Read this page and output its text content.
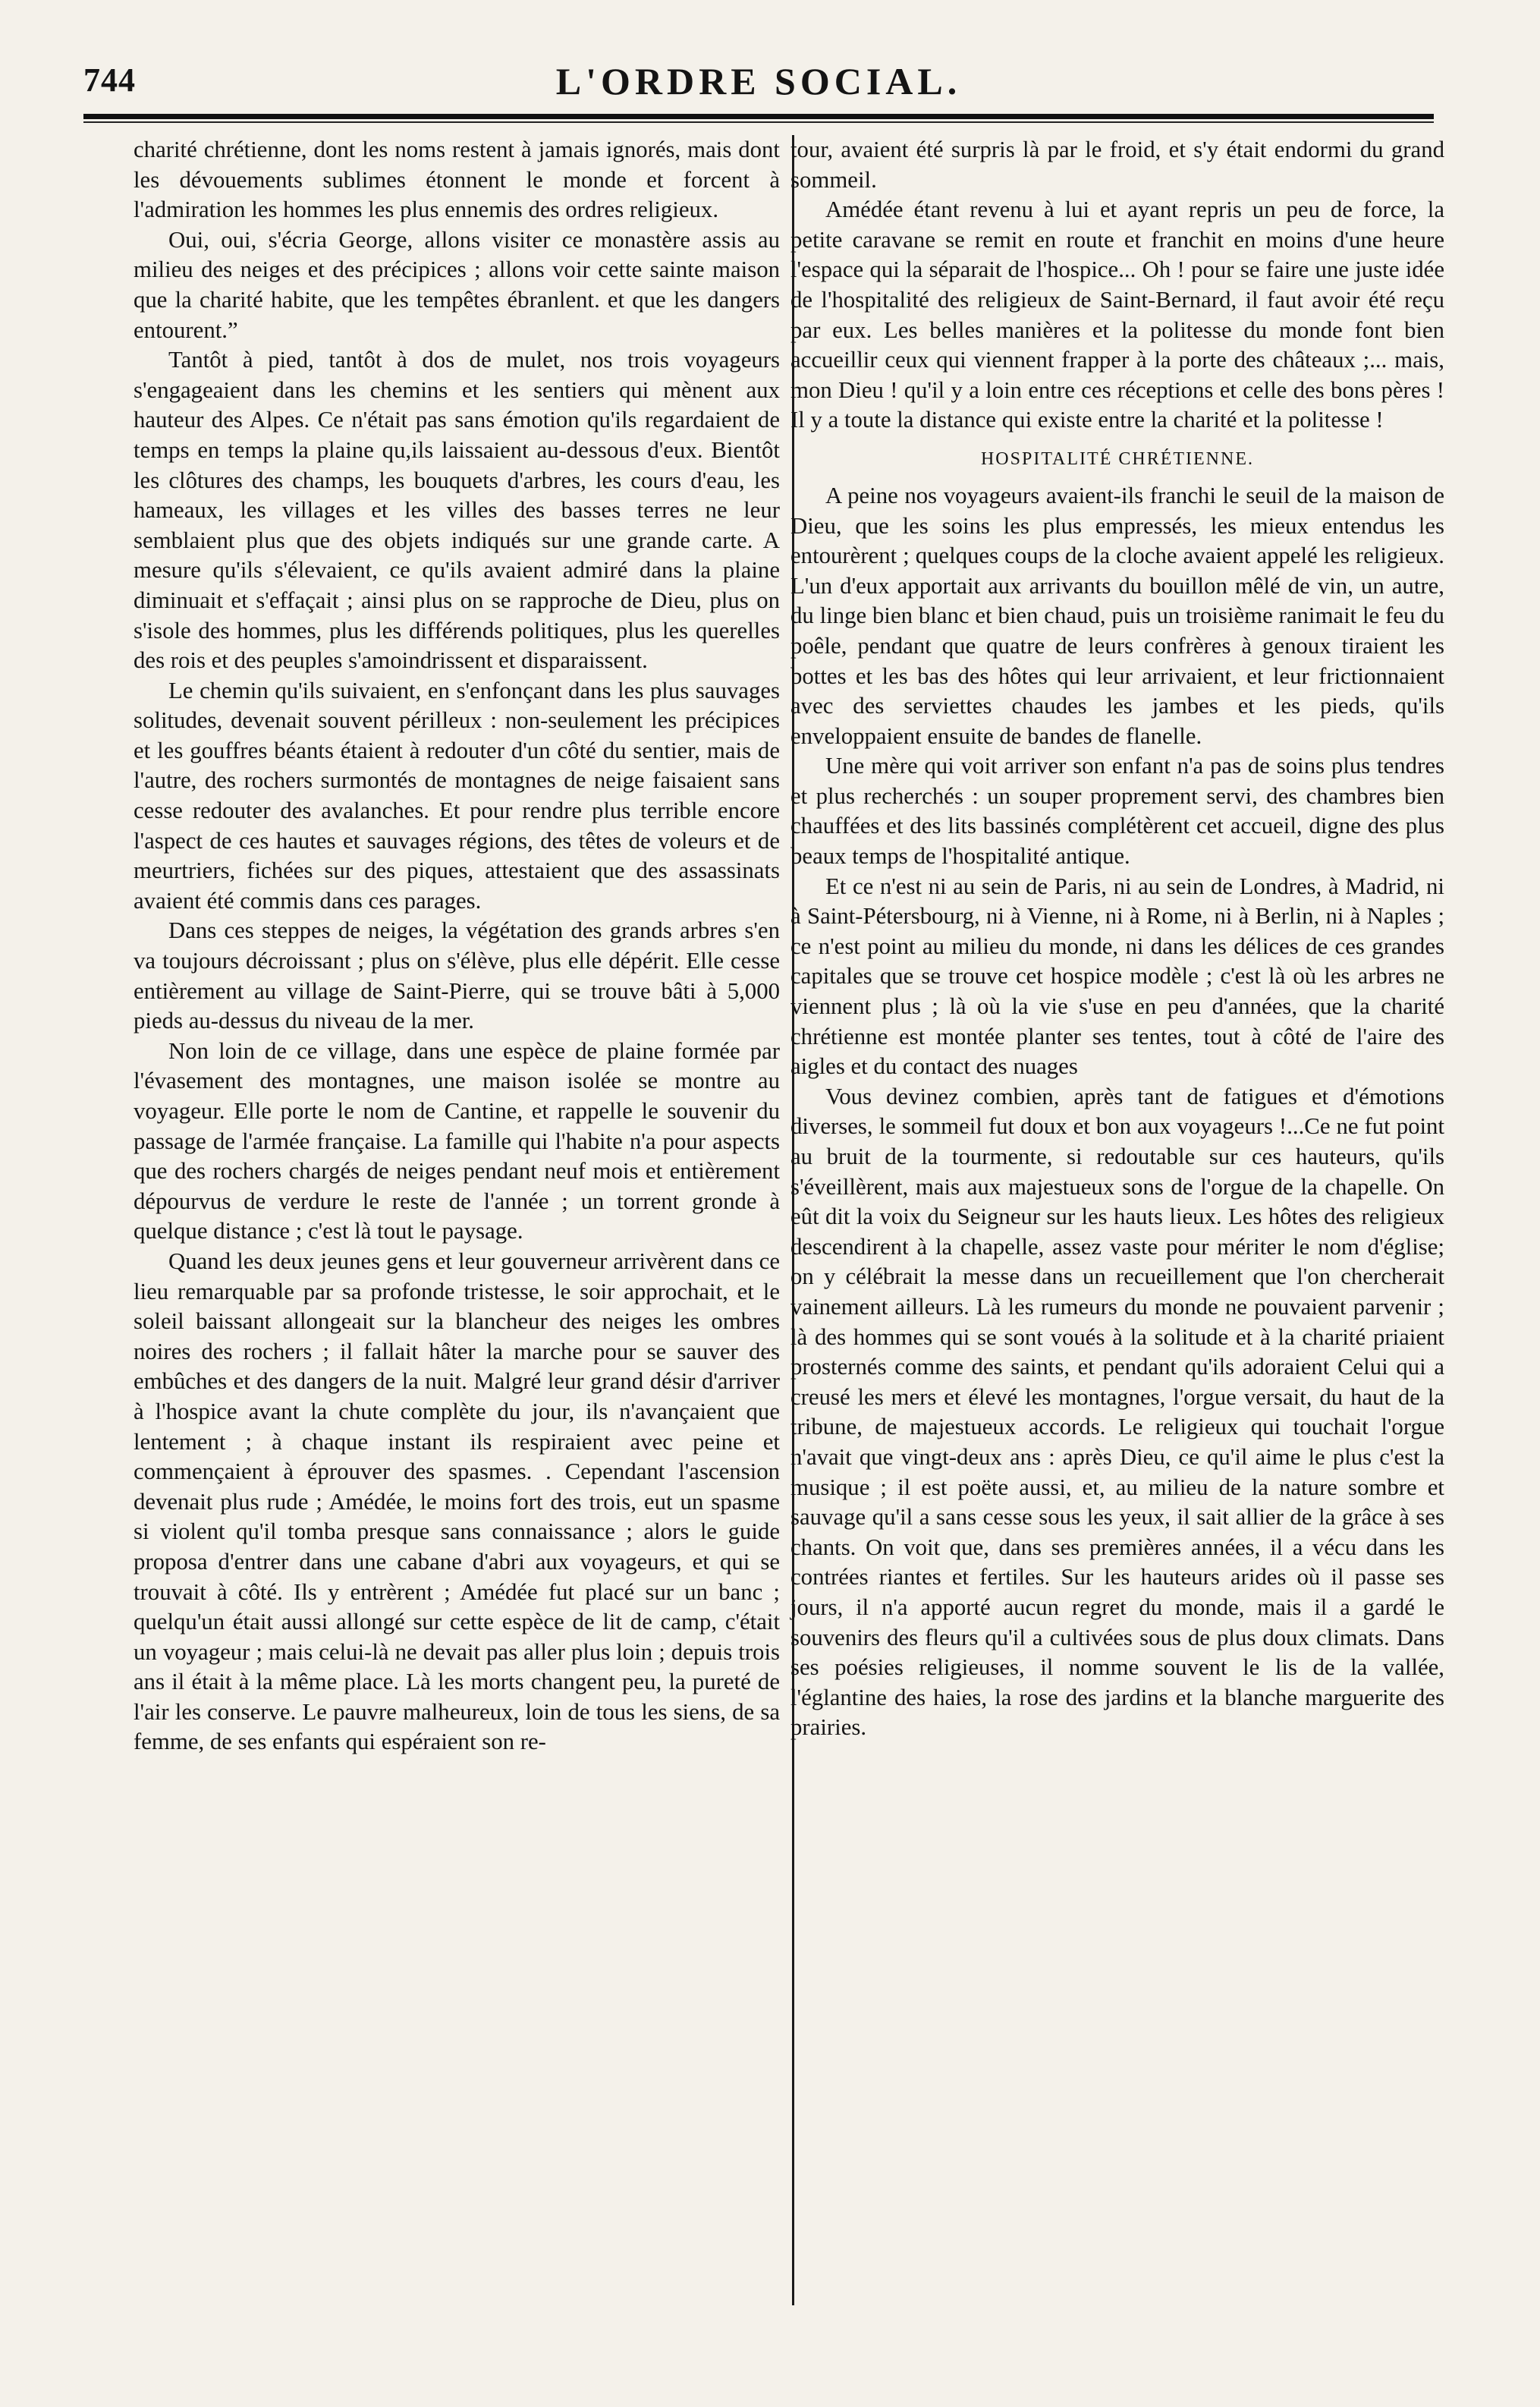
744	L'ORDRE SOCIAL.

charité chrétienne, dont les noms restent à jamais ignorés, mais dont les dévouements sublimes étonnent le monde et forcent à l'admiration les hommes les plus ennemis des ordres religieux.

Oui, oui, s'écria George, allons visiter ce monastère assis au milieu des neiges et des précipices ; allons voir cette sainte maison que la charité habite, que les tempêtes ébranlent. et que les dangers entourent.”

Tantôt à pied, tantôt à dos de mulet, nos trois voyageurs s'engageaient dans les chemins et les sentiers qui mènent aux hauteur des Alpes. Ce n'était pas sans émotion qu'ils regardaient de temps en temps la plaine qu,ils laissaient au-dessous d'eux. Bientôt les clôtures des champs, les bouquets d'arbres, les cours d'eau, les hameaux, les villages et les villes des basses terres ne leur semblaient plus que des objets indiqués sur une grande carte. A mesure qu'ils s'élevaient, ce qu'ils avaient admiré dans la plaine diminuait et s'effaçait ; ainsi plus on se rapproche de Dieu, plus on s'isole des hommes, plus les différends politiques, plus les querelles des rois et des peuples s'amoindrissent et disparaissent.

Le chemin qu'ils suivaient, en s'enfonçant dans les plus sauvages solitudes, devenait souvent périlleux : non-seulement les précipices et les gouffres béants étaient à redouter d'un côté du sentier, mais de l'autre, des rochers surmontés de montagnes de neige faisaient sans cesse redouter des avalanches. Et pour rendre plus terrible encore l'aspect de ces hautes et sauvages régions, des têtes de voleurs et de meurtriers, fichées sur des piques, attestaient que des assassinats avaient été commis dans ces parages.

Dans ces steppes de neiges, la végétation des grands arbres s'en va toujours décroissant ; plus on s'élève, plus elle dépérit. Elle cesse entièrement au village de Saint-Pierre, qui se trouve bâti à 5,000 pieds au-dessus du niveau de la mer.

Non loin de ce village, dans une espèce de plaine formée par l'évasement des montagnes, une maison isolée se montre au voyageur. Elle porte le nom de Cantine, et rappelle le souvenir du passage de l'armée française. La famille qui l'habite n'a pour aspects que des rochers chargés de neiges pendant neuf mois et entièrement dépourvus de verdure le reste de l'année ; un torrent gronde à quelque distance ; c'est là tout le paysage.

Quand les deux jeunes gens et leur gouverneur arrivèrent dans ce lieu remarquable par sa profonde tristesse, le soir approchait, et le soleil baissant allongeait sur la blancheur des neiges les ombres noires des rochers ; il fallait hâter la marche pour se sauver des embûches et des dangers de la nuit. Malgré leur grand désir d'arriver à l'hospice avant la chute complète du jour, ils n'avançaient que lentement ; à chaque instant ils respiraient avec peine et commençaient à éprouver des spasmes. . Cependant l'ascension devenait plus rude ; Amédée, le moins fort des trois, eut un spasme si violent qu'il tomba presque sans connaissance ; alors le guide proposa d'entrer dans une cabane d'abri aux voyageurs, et qui se trouvait à côté. Ils y entrèrent ; Amédée fut placé sur un banc ; quelqu'un était aussi allongé sur cette espèce de lit de camp, c'était un voyageur ; mais celui-là ne devait pas aller plus loin ; depuis trois ans il était à la même place. Là les morts changent peu, la pureté de l'air les conserve. Le pauvre malheureux, loin de tous les siens, de sa femme, de ses enfants qui espéraient son re-

tour, avaient été surpris là par le froid, et s'y était endormi du grand sommeil.

Amédée étant revenu à lui et ayant repris un peu de force, la petite caravane se remit en route et franchit en moins d'une heure l'espace qui la séparait de l'hospice... Oh ! pour se faire une juste idée de l'hospitalité des religieux de Saint-Bernard, il faut avoir été reçu par eux. Les belles manières et la politesse du monde font bien accueillir ceux qui viennent frapper à la porte des châteaux ;... mais, mon Dieu ! qu'il y a loin entre ces réceptions et celle des bons pères ! Il y a toute la distance qui existe entre la charité et la politesse !

HOSPITALITÉ CHRÉTIENNE.

A peine nos voyageurs avaient-ils franchi le seuil de la maison de Dieu, que les soins les plus empressés, les mieux entendus les entourèrent ; quelques coups de la cloche avaient appelé les religieux. L'un d'eux apportait aux arrivants du bouillon mêlé de vin, un autre, du linge bien blanc et bien chaud, puis un troisième ranimait le feu du poêle, pendant que quatre de leurs confrères à genoux tiraient les bottes et les bas des hôtes qui leur arrivaient, et leur frictionnaient avec des serviettes chaudes les jambes et les pieds, qu'ils enveloppaient ensuite de bandes de flanelle.

Une mère qui voit arriver son enfant n'a pas de soins plus tendres et plus recherchés : un souper proprement servi, des chambres bien chauffées et des lits bassinés complétèrent cet accueil, digne des plus beaux temps de l'hospitalité antique.

Et ce n'est ni au sein de Paris, ni au sein de Londres, à Madrid, ni à Saint-Pétersbourg, ni à Vienne, ni à Rome, ni à Berlin, ni à Naples ; ce n'est point au milieu du monde, ni dans les délices de ces grandes capitales que se trouve cet hospice modèle ; c'est là où les arbres ne viennent plus ; là où la vie s'use en peu d'années, que la charité chrétienne est montée planter ses tentes, tout à côté de l'aire des aigles et du contact des nuages

Vous devinez combien, après tant de fatigues et d'émotions diverses, le sommeil fut doux et bon aux voyageurs !...Ce ne fut point au bruit de la tourmente, si redoutable sur ces hauteurs, qu'ils s'éveillèrent, mais aux majestueux sons de l'orgue de la chapelle. On eût dit la voix du Seigneur sur les hauts lieux. Les hôtes des religieux descendirent à la chapelle, assez vaste pour mériter le nom d'église; on y célébrait la messe dans un recueillement que l'on chercherait vainement ailleurs. Là les rumeurs du monde ne pouvaient parvenir ; là des hommes qui se sont voués à la solitude et à la charité priaient prosternés comme des saints, et pendant qu'ils adoraient Celui qui a creusé les mers et élevé les montagnes, l'orgue versait, du haut de la tribune, de majestueux accords. Le religieux qui touchait l'orgue n'avait que vingt-deux ans : après Dieu, ce qu'il aime le plus c'est la musique ; il est poëte aussi, et, au milieu de la nature sombre et sauvage qu'il a sans cesse sous les yeux, il sait allier de la grâce à ses chants. On voit que, dans ses premières années, il a vécu dans les contrées riantes et fertiles. Sur les hauteurs arides où il passe ses jours, il n'a apporté aucun regret du monde, mais il a gardé le souvenirs des fleurs qu'il a cultivées sous de plus doux climats. Dans ses poésies religieuses, il nomme souvent le lis de la vallée, l'églantine des haies, la rose des jardins et la blanche marguerite des prairies.
